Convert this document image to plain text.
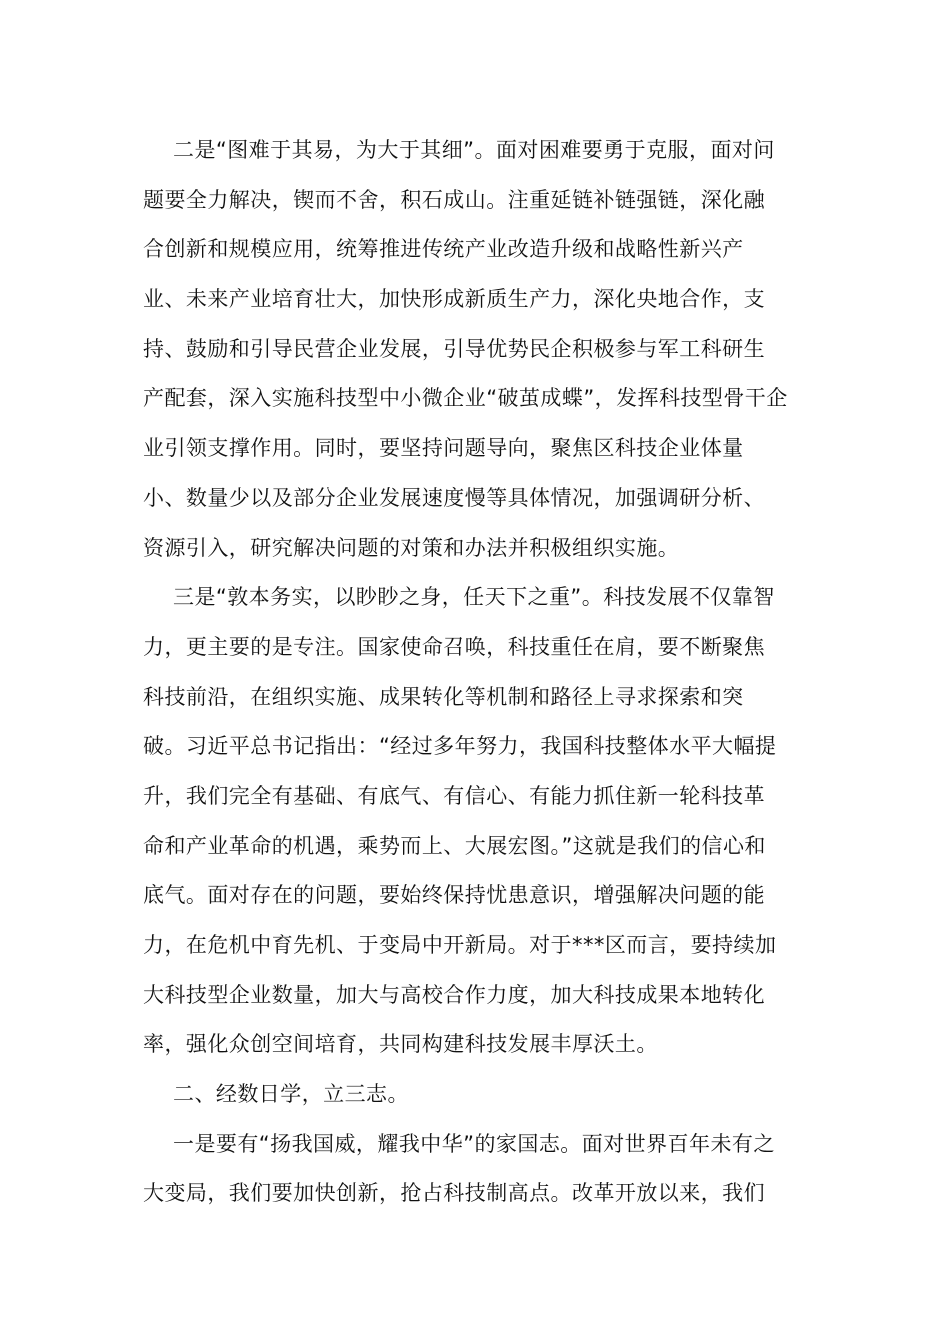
二是“图难于其易，为大于其细”。面对困难要勇于克服，面对问
题要全力解决，锲而不舍，积石成山。注重延链补链强链，深化融
合创新和规模应用，统筹推进传统产业改造升级和战略性新兴产
业、未来产业培育壮大，加快形成新质生产力，深化央地合作，支
持、鼓励和引导民营企业发展，引导优势民企积极参与军工科研生
产配套，深入实施科技型中小微企业“破茧成蝶”，发挥科技型骨干企
业引领支撑作用。同时，要坚持问题导向，聚焦区科技企业体量
小、数量少以及部分企业发展速度慢等具体情况，加强调研分析、
资源引入，研究解决问题的对策和办法并积极组织实施。
三是“敦本务实，以眇眇之身，任天下之重”。科技发展不仅靠智
力，更主要的是专注。国家使命召唤，科技重任在肩，要不断聚焦
科技前沿，在组织实施、成果转化等机制和路径上寻求探索和突
破。习近平总书记指出：“经过多年努力，我国科技整体水平大幅提
升，我们完全有基础、有底气、有信心、有能力抓住新一轮科技革
命和产业革命的机遇，乘势而上、大展宏图。”这就是我们的信心和
底气。面对存在的问题，要始终保持忧患意识，增强解决问题的能
力，在危机中育先机、于变局中开新局。对于***区而言，要持续加
大科技型企业数量，加大与高校合作力度，加大科技成果本地转化
率，强化众创空间培育，共同构建科技发展丰厚沃土。
二、经数日学，立三志。
一是要有“扬我国威，耀我中华”的家国志。面对世界百年未有之
大变局，我们要加快创新，抢占科技制高点。改革开放以来，我们
